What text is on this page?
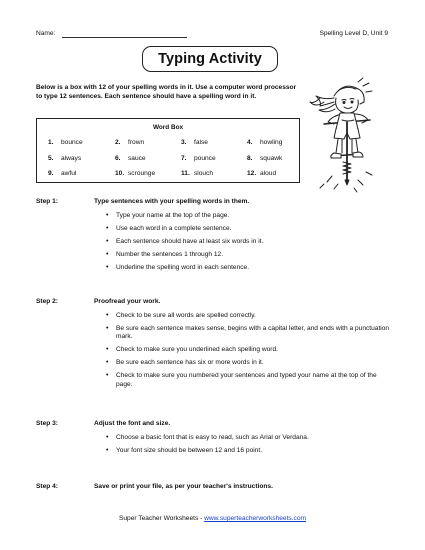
Name:	Spelling Level D, Unit 9
Typing Activity
Below is a box with 12 of your spelling words in it. Use a computer word processor to type 12 sentences. Each sentence should have a spelling word in it.
Word Box
1. bounce	2. frown	3. false	4. howling
5. always	6. sauce	7. pounce	8. squawk
9. awful	10. scrounge	11. slouch	12. aloud
Step 1:	Type sentences with your spelling words in them.
• Type your name at the top of the page.
• Use each word in a complete sentence.
• Each sentence should have at least six words in it.
• Number the sentences 1 through 12.
• Underline the spelling word in each sentence.
Step 2:	Proofread your work.
• Check to be sure all words are spelled correctly.
• Be sure each sentence makes sense, begins with a capital letter, and ends with a punctuation mark.
• Check to make sure you underlined each spelling word.
• Be sure each sentence has six or more words in it.
• Check to make sure you numbered your sentences and typed your name at the top of the page.
Step 3:	Adjust the font and size.
• Choose a basic font that is easy to read, such as Arial or Verdana.
• Your font size should be between 12 and 16 point.
Step 4:	Save or print your file, as per your teacher's instructions.
Super Teacher Worksheets - www.superteacherworksheets.com
